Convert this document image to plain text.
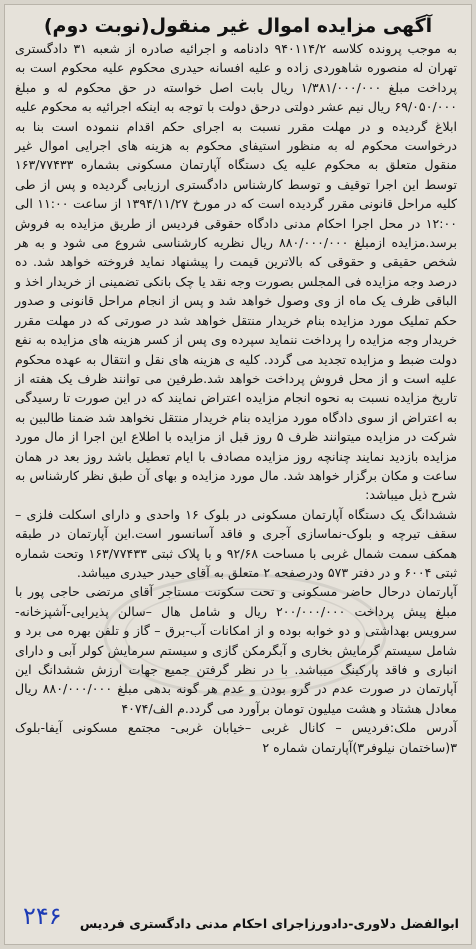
آگهی مزایده اموال غیر منقول(نوبت دوم)

به موجب پرونده کلاسه ۹۴۰۱۱۴/۲ دادنامه و اجرائیه صادره از شعبه ۳۱ دادگستری تهران له منصوره شاهوردی زاده و علیه افسانه حیدری محکوم علیه محکوم است به پرداخت مبلغ ۱/۳۸۱/۰۰۰/۰۰۰ ریال بابت اصل خواسته در حق محکوم له و مبلغ ۶۹/۰۵۰/۰۰۰ ریال نیم عشر دولتی درحق دولت با توجه به اینکه اجرائیه به محکوم علیه ابلاغ گردیده و در مهلت مقرر نسبت به اجرای حکم اقدام ننموده است بنا به درخواست محکوم له به منظور استیفای محکوم به هزینه های اجرایی اموال غیر منقول متعلق به محکوم علیه یک دستگاه آپارتمان مسکونی بشماره ۱۶۳/۷۷۴۳۳ توسط این اجرا توقیف و توسط کارشناس دادگستری ارزیابی گردیده و پس از طی کلیه مراحل قانونی مقرر گردیده است که در مورخ ۱۳۹۴/۱۱/۲۷ از ساعت ۱۱:۰۰ الی ۱۲:۰۰ در محل اجرا احکام مدنی دادگاه حقوقی فردیس از طریق مزایده به فروش برسد.مزایده ازمبلغ ۸۸۰/۰۰۰/۰۰۰ ریال نظریه کارشناسی شروع می شود و به هر شخص حقیقی و حقوقی که بالاترین قیمت را پیشنهاد نماید فروخته خواهد شد. ده درصد وجه مزایده فی المجلس بصورت وجه نقد یا چک بانکی تضمینی از خریدار اخذ و الباقی ظرف یک ماه از وی وصول خواهد شد و پس از انجام مراحل قانونی و صدور حکم تملیک مورد مزایده بنام خریدار منتقل خواهد شد در صورتی که در مهلت مقرر خریدار وجه مزایده را پرداخت ننماید سپرده وی پس از کسر هزینه های مزایده به نفع دولت ضبط و مزایده تجدید می گردد. کلیه ی هزینه های نقل و انتقال به عهده محکوم علیه است و از محل فروش پرداخت خواهد شد.طرفین می توانند ظرف یک هفته از تاریخ مزایده نسبت به نحوه انجام مزایده اعتراض نمایند که در این صورت تا رسیدگی به اعتراض از سوی دادگاه مورد مزایده بنام خریدار منتقل نخواهد شد ضمنا طالبین به شرکت در مزایده میتوانند ظرف ۵ روز قبل از مزایده با اطلاع این اجرا از مال مورد مزایده بازدید نمایند چنانچه روز مزایده مصادف با ایام تعطیل باشد روز بعد در همان ساعت و مکان برگزار خواهد شد. مال مورد مزایده و بهای آن طبق نظر کارشناس به شرح ذیل میباشد:

ششدانگ یک دستگاه آپارتمان مسکونی در بلوک ۱۶ واحدی و دارای اسکلت فلزی –سقف تیرچه و بلوک-نماسازی آجری و فاقد آسانسور است.این آپارتمان در طبقه همکف سمت شمال غربی با مساحت ۹۲/۶۸ و با پلاک ثبتی ۱۶۳/۷۷۴۳۳ وتحت شماره ثبتی ۶۰۰۴ و در دفتر ۵۷۳ ودرصفحه ۲ متعلق به آقای حیدر حیدری میباشد.

آپارتمان درحال حاضر مسکونی و تحت سکونت مستاجر آقای مرتضی حاجی پور با مبلغ پیش پرداخت ۲۰۰/۰۰۰/۰۰۰ ریال و شامل هال –سالن پذیرایی-آشپزخانه- سرویس بهداشتی و دو خوابه بوده و از امکانات آب-برق – گاز و تلفن بهره می برد و شامل سیستم گرمایش بخاری و آبگرمکن گازی و سیستم سرمایش کولر آبی و دارای انباری و فاقد پارکینگ میباشد. با در نظر گرفتن جمیع جهات ارزش ششدانگ این آپارتمان در صورت عدم در گرو بودن و عدم هر گونه بدهی مبلغ ۸۸۰/۰۰۰/۰۰۰ ریال معادل هشتاد و هشت میلیون تومان برآورد می گردد.م الف/۴۰۷۴

آدرس ملک:فردیس – کانال غربی –خیابان غربی- مجتمع مسکونی آیفا-بلوک ۳(ساختمان نیلوفر۳)آپارتمان شماره ۲

ابوالفضل دلاوری-دادورزاجرای احکام مدنی دادگستری فردیس
۲۴۶
